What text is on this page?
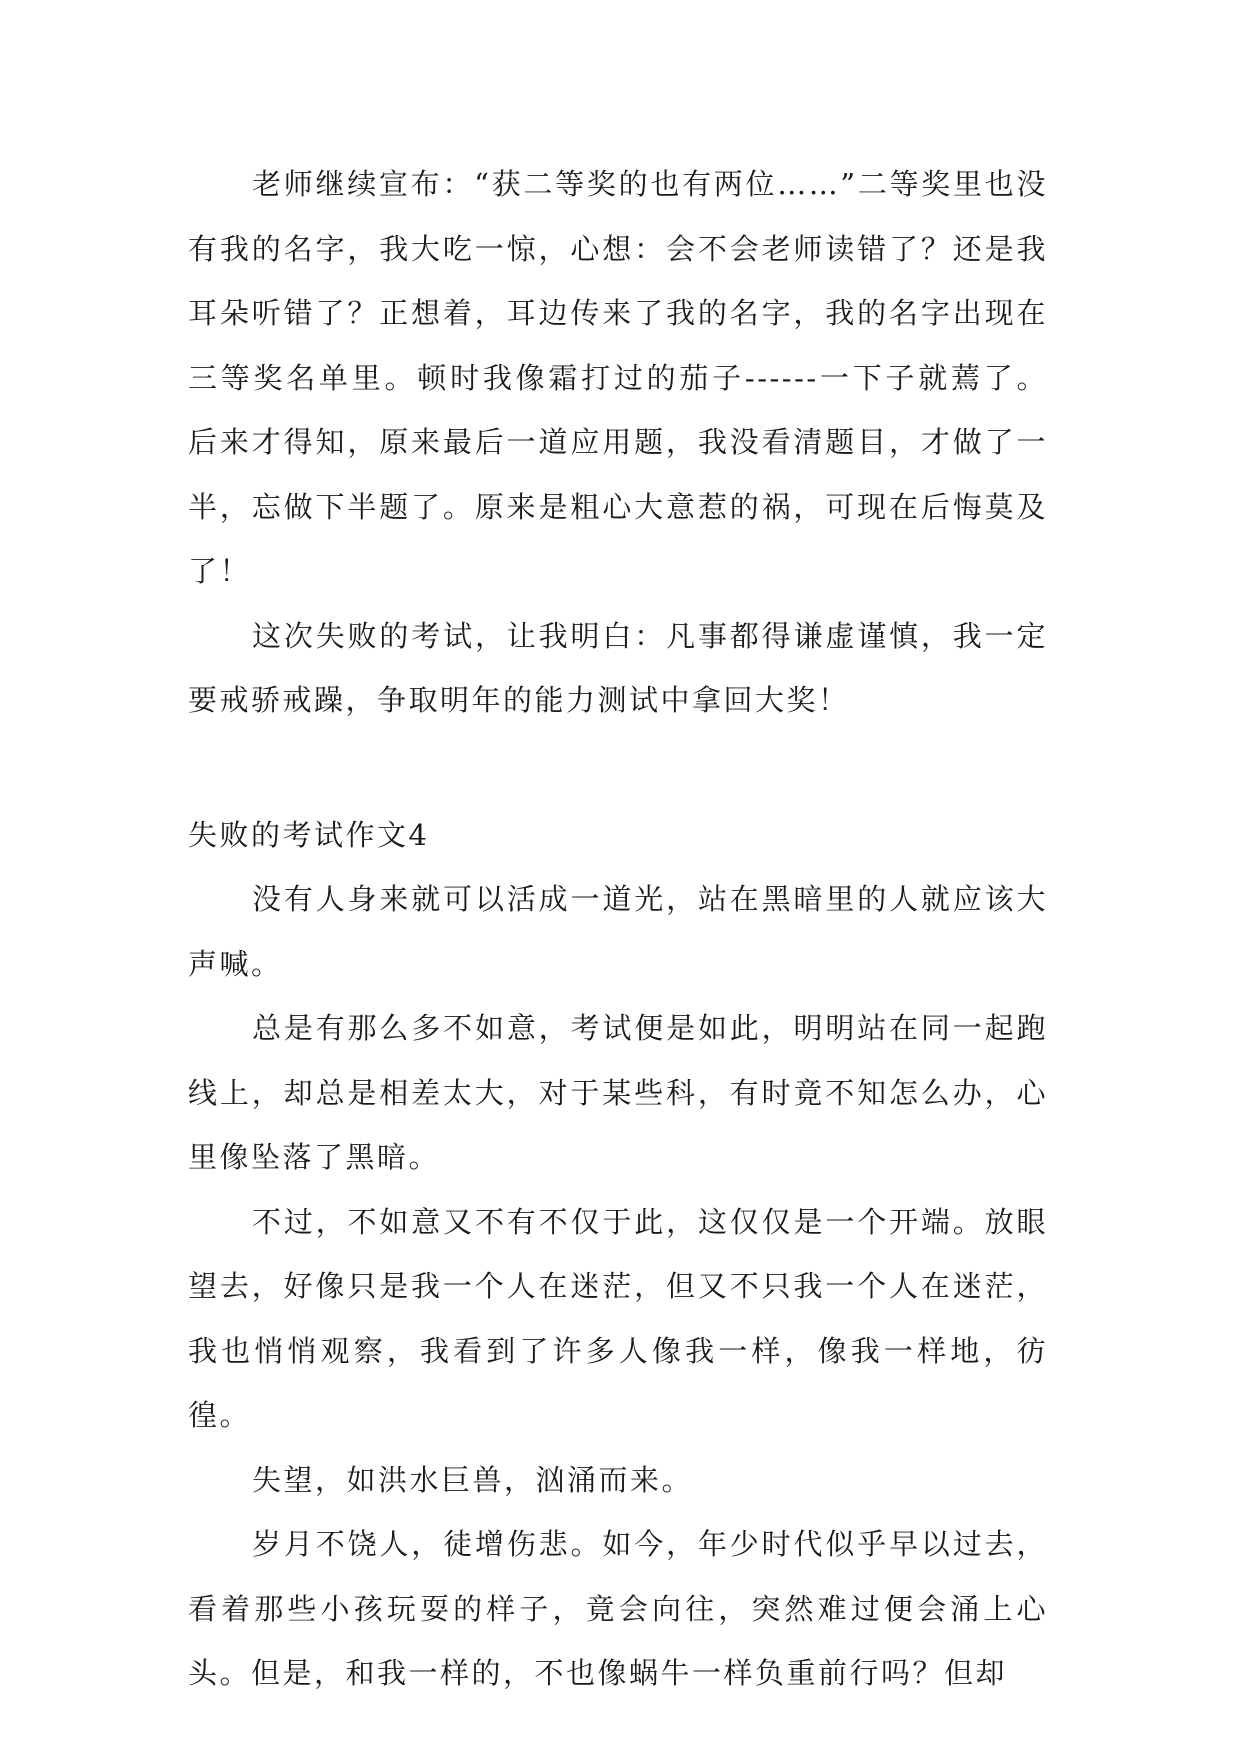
老师继续宣布：“获二等奖的也有两位……”二等奖里也没有我的名字，我大吃一惊，心想：会不会老师读错了？还是我耳朵听错了？正想着，耳边传来了我的名字，我的名字出现在三等奖名单里。顿时我像霜打过的茄子------一下子就蔫了。后来才得知，原来最后一道应用题，我没看清题目，才做了一半，忘做下半题了。原来是粗心大意惹的祸，可现在后悔莫及了！

这次失败的考试，让我明白：凡事都得谦虚谨慎，我一定要戒骄戒躁，争取明年的能力测试中拿回大奖！

失败的考试作文4

没有人身来就可以活成一道光，站在黑暗里的人就应该大声喊。

总是有那么多不如意，考试便是如此，明明站在同一起跑线上，却总是相差太大，对于某些科，有时竟不知怎么办，心里像坠落了黑暗。

不过，不如意又不有不仅于此，这仅仅是一个开端。放眼望去，好像只是我一个人在迷茫，但又不只我一个人在迷茫，我也悄悄观察，我看到了许多人像我一样，像我一样地，彷徨。

失望，如洪水巨兽，汹涌而来。

岁月不饶人，徒增伤悲。如今，年少时代似乎早以过去，看着那些小孩玩耍的样子，竟会向往，突然难过便会涌上心头。但是，和我一样的，不也像蜗牛一样负重前行吗？但却
